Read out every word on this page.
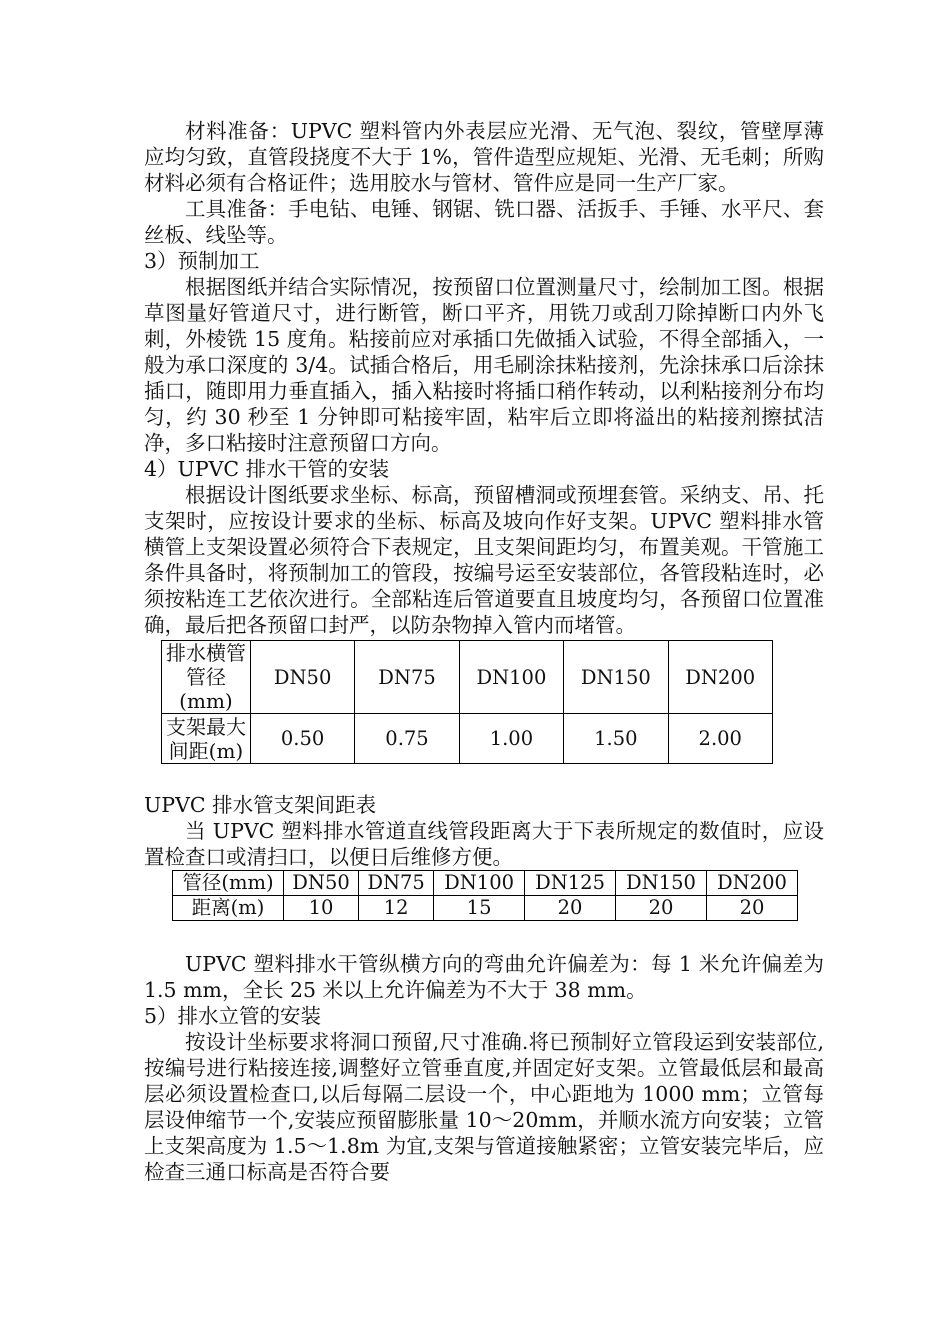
材料准备：UPVC 塑料管内外表层应光滑、无气泡、裂纹，管壁厚薄应均匀致，直管段挠度不大于 1%，管件造型应规矩、光滑、无毛刺；所购材料必须有合格证件；选用胶水与管材、管件应是同一生产厂家。

工具准备：手电钻、电锤、钢锯、铣口器、活扳手、手锤、水平尺、套丝板、线坠等。

3）预制加工

根据图纸并结合实际情况，按预留口位置测量尺寸，绘制加工图。根据草图量好管道尺寸，进行断管，断口平齐，用铣刀或刮刀除掉断口内外飞刺，外棱铣 15 度角。粘接前应对承插口先做插入试验，不得全部插入，一般为承口深度的 3/4。试插合格后，用毛刷涂抹粘接剂，先涂抹承口后涂抹插口，随即用力垂直插入，插入粘接时将插口稍作转动，以利粘接剂分布均匀，约 30 秒至 1 分钟即可粘接牢固，粘牢后立即将溢出的粘接剂擦拭洁净，多口粘接时注意预留口方向。

4）UPVC 排水干管的安装

根据设计图纸要求坐标、标高，预留槽洞或预埋套管。采纳支、吊、托支架时，应按设计要求的坐标、标高及坡向作好支架。UPVC 塑料排水管横管上支架设置必须符合下表规定，且支架间距均匀，布置美观。干管施工条件具备时，将预制加工的管段，按编号运至安装部位，各管段粘连时，必须按粘连工艺依次进行。全部粘连后管道要直且坡度均匀，各预留口位置准确，最后把各预留口封严，以防杂物掉入管内而堵管。

排水横管管径(mm)	DN50	DN75	DN100	DN150	DN200
支架最大间距(m)	0.50	0.75	1.00	1.50	2.00

UPVC 排水管支架间距表

当 UPVC 塑料排水管道直线管段距离大于下表所规定的数值时，应设置检查口或清扫口，以便日后维修方便。

管径(mm)	DN50	DN75	DN100	DN125	DN150	DN200
距离(m)	10	12	15	20	20	20

UPVC 塑料排水干管纵横方向的弯曲允许偏差为：每 1 米允许偏差为 1.5 mm，全长 25 米以上允许偏差为不大于 38 mm。

5）排水立管的安装

按设计坐标要求将洞口预留,尺寸准确.将已预制好立管段运到安装部位,按编号进行粘接连接,调整好立管垂直度,并固定好支架。立管最低层和最高层必须设置检查口,以后每隔二层设一个，中心距地为 1000 mm；立管每层设伸缩节一个,安装应预留膨胀量 10～20mm，并顺水流方向安装；立管上支架高度为 1.5～1.8m 为宜,支架与管道接触紧密；立管安装完毕后，应检查三通口标高是否符合要
